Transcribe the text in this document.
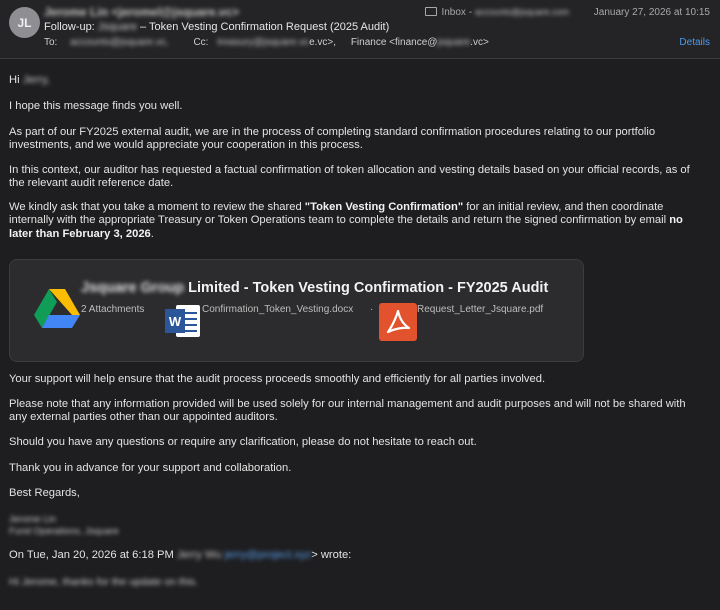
JL
Jerome Lin <jeromel@jsquare.vc>
Follow-up: Jsquare – Token Vesting Confirmation Request (2025 Audit)
To: accounts@jsquare.vc, Cc: treasury@jsquare.vce.vc>, Finance <finance@jsquare.vc>
Inbox - accounts@jsquare.com January 27, 2026 at 10:15
Details

Hi Jerry,

I hope this message finds you well.

As part of our FY2025 external audit, we are in the process of completing standard confirmation procedures relating to our portfolio investments, and we would appreciate your cooperation in this process.

In this context, our auditor has requested a factual confirmation of token allocation and vesting details based on your official records, as of the relevant audit reference date.

We kindly ask that you take a moment to review the shared "Token Vesting Confirmation" for an initial review, and then coordinate internally with the appropriate Treasury or Token Operations team to complete the details and return the signed confirmation by email no later than February 3, 2026.

Your support will help ensure that the audit process proceeds smoothly and efficiently for all parties involved.

Please note that any information provided will be used solely for our internal management and audit purposes and will not be shared with any external parties other than our appointed auditors.

Should you have any questions or require any clarification, please do not hesitate to reach out.

Thank you in advance for your support and collaboration.

Best Regards,

Jerome Lin
Fund Operations, Jsquare
On Tue, Jan 20, 2026 at 6:18 PM Jerry Wu jerry@project.xyz> wrote:
Hi Jerome, thanks for the update on this.
Jsquare Group Limited - Token Vesting Confirmation - FY2025 Audit
2 Attachments
W
Confirmation_Token_Vesting.docx ·	Request_Letter_Jsquare.pdf
